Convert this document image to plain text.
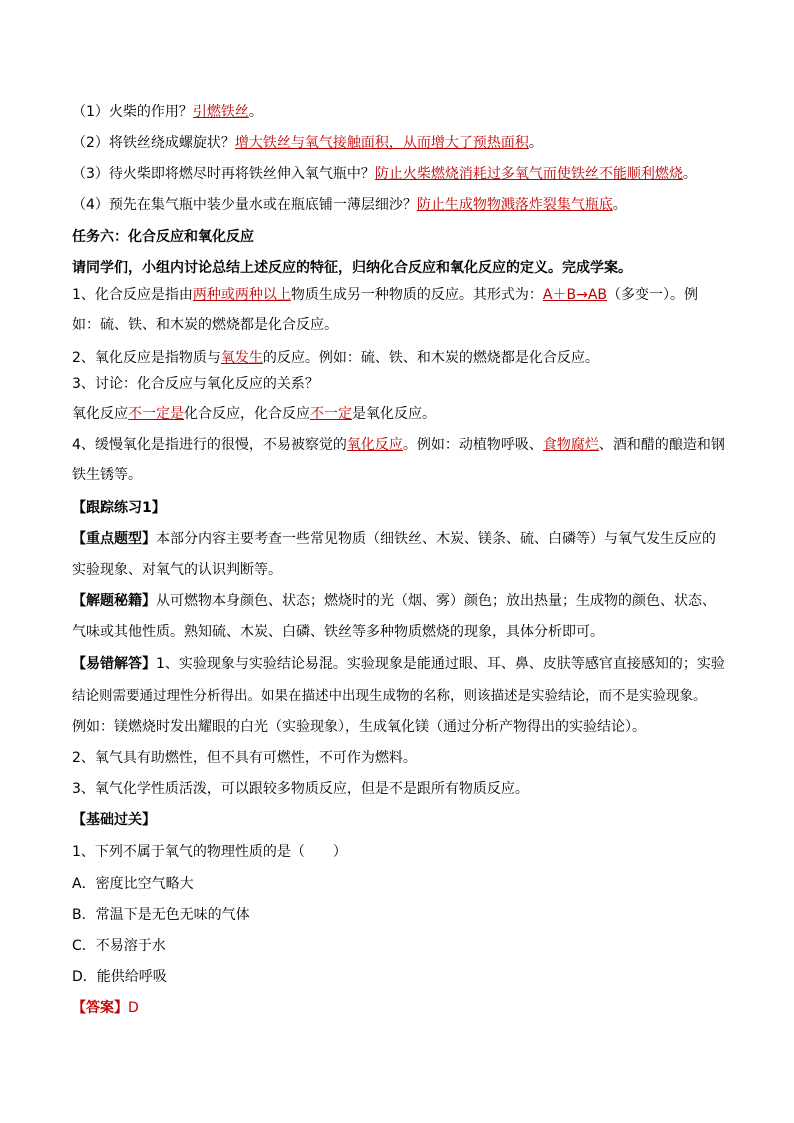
（1）火柴的作用？引燃铁丝。
（2）将铁丝绕成螺旋状？增大铁丝与氧气接触面积，从而增大了预热面积。
（3）待火柴即将燃尽时再将铁丝伸入氧气瓶中？防止火柴燃烧消耗过多氧气而使铁丝不能顺利燃烧。
（4）预先在集气瓶中装少量水或在瓶底铺一薄层细沙？防止生成物物溅落炸裂集气瓶底。
任务六：化合反应和氧化反应
请同学们，小组内讨论总结上述反应的特征，归纳化合反应和氧化反应的定义。完成学案。
1、化合反应是指由两种或两种以上物质生成另一种物质的反应。其形式为：A＋B→AB（多变一）。例
如：硫、铁、和木炭的燃烧都是化合反应。
2、氧化反应是指物质与氧发生的反应。例如：硫、铁、和木炭的燃烧都是化合反应。
3、讨论：化合反应与氧化反应的关系？
氧化反应不一定是化合反应，化合反应不一定是氧化反应。
4、缓慢氧化是指进行的很慢，不易被察觉的氧化反应。例如：动植物呼吸、食物腐烂、酒和醋的酿造和钢
铁生锈等。
【跟踪练习1】
【重点题型】本部分内容主要考查一些常见物质（细铁丝、木炭、镁条、硫、白磷等）与氧气发生反应的
实验现象、对氧气的认识判断等。
【解题秘籍】从可燃物本身颜色、状态；燃烧时的光（烟、雾）颜色；放出热量；生成物的颜色、状态、
气味或其他性质。熟知硫、木炭、白磷、铁丝等多种物质燃烧的现象，具体分析即可。
【易错解答】1、实验现象与实验结论易混。实验现象是能通过眼、耳、鼻、皮肤等感官直接感知的；实验
结论则需要通过理性分析得出。如果在描述中出现生成物的名称，则该描述是实验结论，而不是实验现象。
例如：镁燃烧时发出耀眼的白光（实验现象），生成氧化镁（通过分析产物得出的实验结论）。
2、氧气具有助燃性，但不具有可燃性，不可作为燃料。
3、氧气化学性质活泼，可以跟较多物质反应，但是不是跟所有物质反应。
【基础过关】
1、下列不属于氧气的物理性质的是（　　）
A．密度比空气略大
B．常温下是无色无味的气体
C．不易溶于水
D．能供给呼吸
【答案】D
